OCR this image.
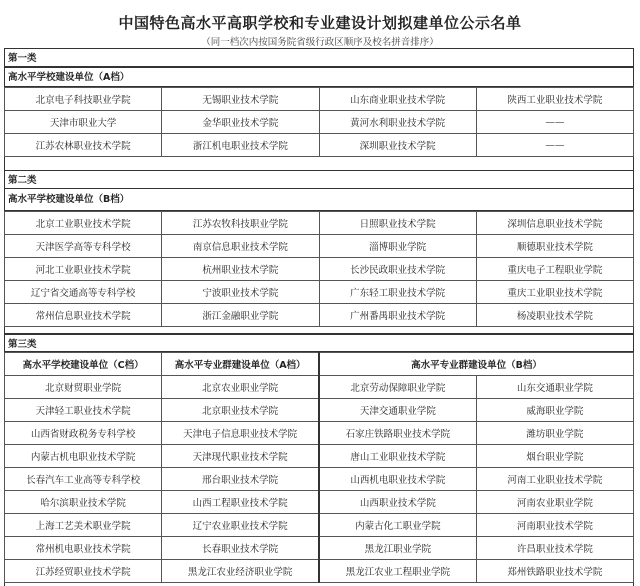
中国特色高水平高职学校和专业建设计划拟建单位公示名单
（同一档次内按国务院省级行政区顺序及校名拼音排序）
第一类
高水平学校建设单位（A档）
北京电子科技职业学院	无锡职业技术学院	山东商业职业技术学院	陕西工业职业技术学院
天津市职业大学	金华职业技术学院	黄河水利职业技术学院	——
江苏农林职业技术学院	浙江机电职业技术学院	深圳职业技术学院	——
第二类
高水平学校建设单位（B档）
北京工业职业技术学院	江苏农牧科技职业学院	日照职业技术学院	深圳信息职业技术学院
天津医学高等专科学校	南京信息职业技术学院	淄博职业学院	顺德职业技术学院
河北工业职业技术学院	杭州职业技术学院	长沙民政职业技术学院	重庆电子工程职业学院
辽宁省交通高等专科学校	宁波职业技术学院	广东轻工职业技术学院	重庆工业职业技术学院
常州信息职业技术学院	浙江金融职业学院	广州番禺职业技术学院	杨凌职业技术学院
第三类
高水平学校建设单位（C档）	高水平专业群建设单位（A档）	高水平专业群建设单位（B档）	
北京财贸职业学院	北京农业职业学院	北京劳动保障职业学院	山东交通职业学院
天津轻工职业技术学院	北京职业技术学院	天津交通职业学院	威海职业学院
山西省财政税务专科学校	天津电子信息职业技术学院	石家庄铁路职业技术学院	潍坊职业学院
内蒙古机电职业技术学院	天津现代职业技术学院	唐山工业职业技术学院	烟台职业学院
长春汽车工业高等专科学校	邢台职业技术学院	山西机电职业技术学院	河南工业职业技术学院
哈尔滨职业技术学院	山西工程职业技术学院	山西职业技术学院	河南农业职业学院
上海工艺美术职业学院	辽宁农业职业技术学院	内蒙古化工职业学院	河南职业技术学院
常州机电职业技术学院	长春职业技术学院	黑龙江职业学院	许昌职业技术学院
江苏经贸职业技术学院	黑龙江农业经济职业学院	黑龙江农业工程职业学院	郑州铁路职业技术学院
